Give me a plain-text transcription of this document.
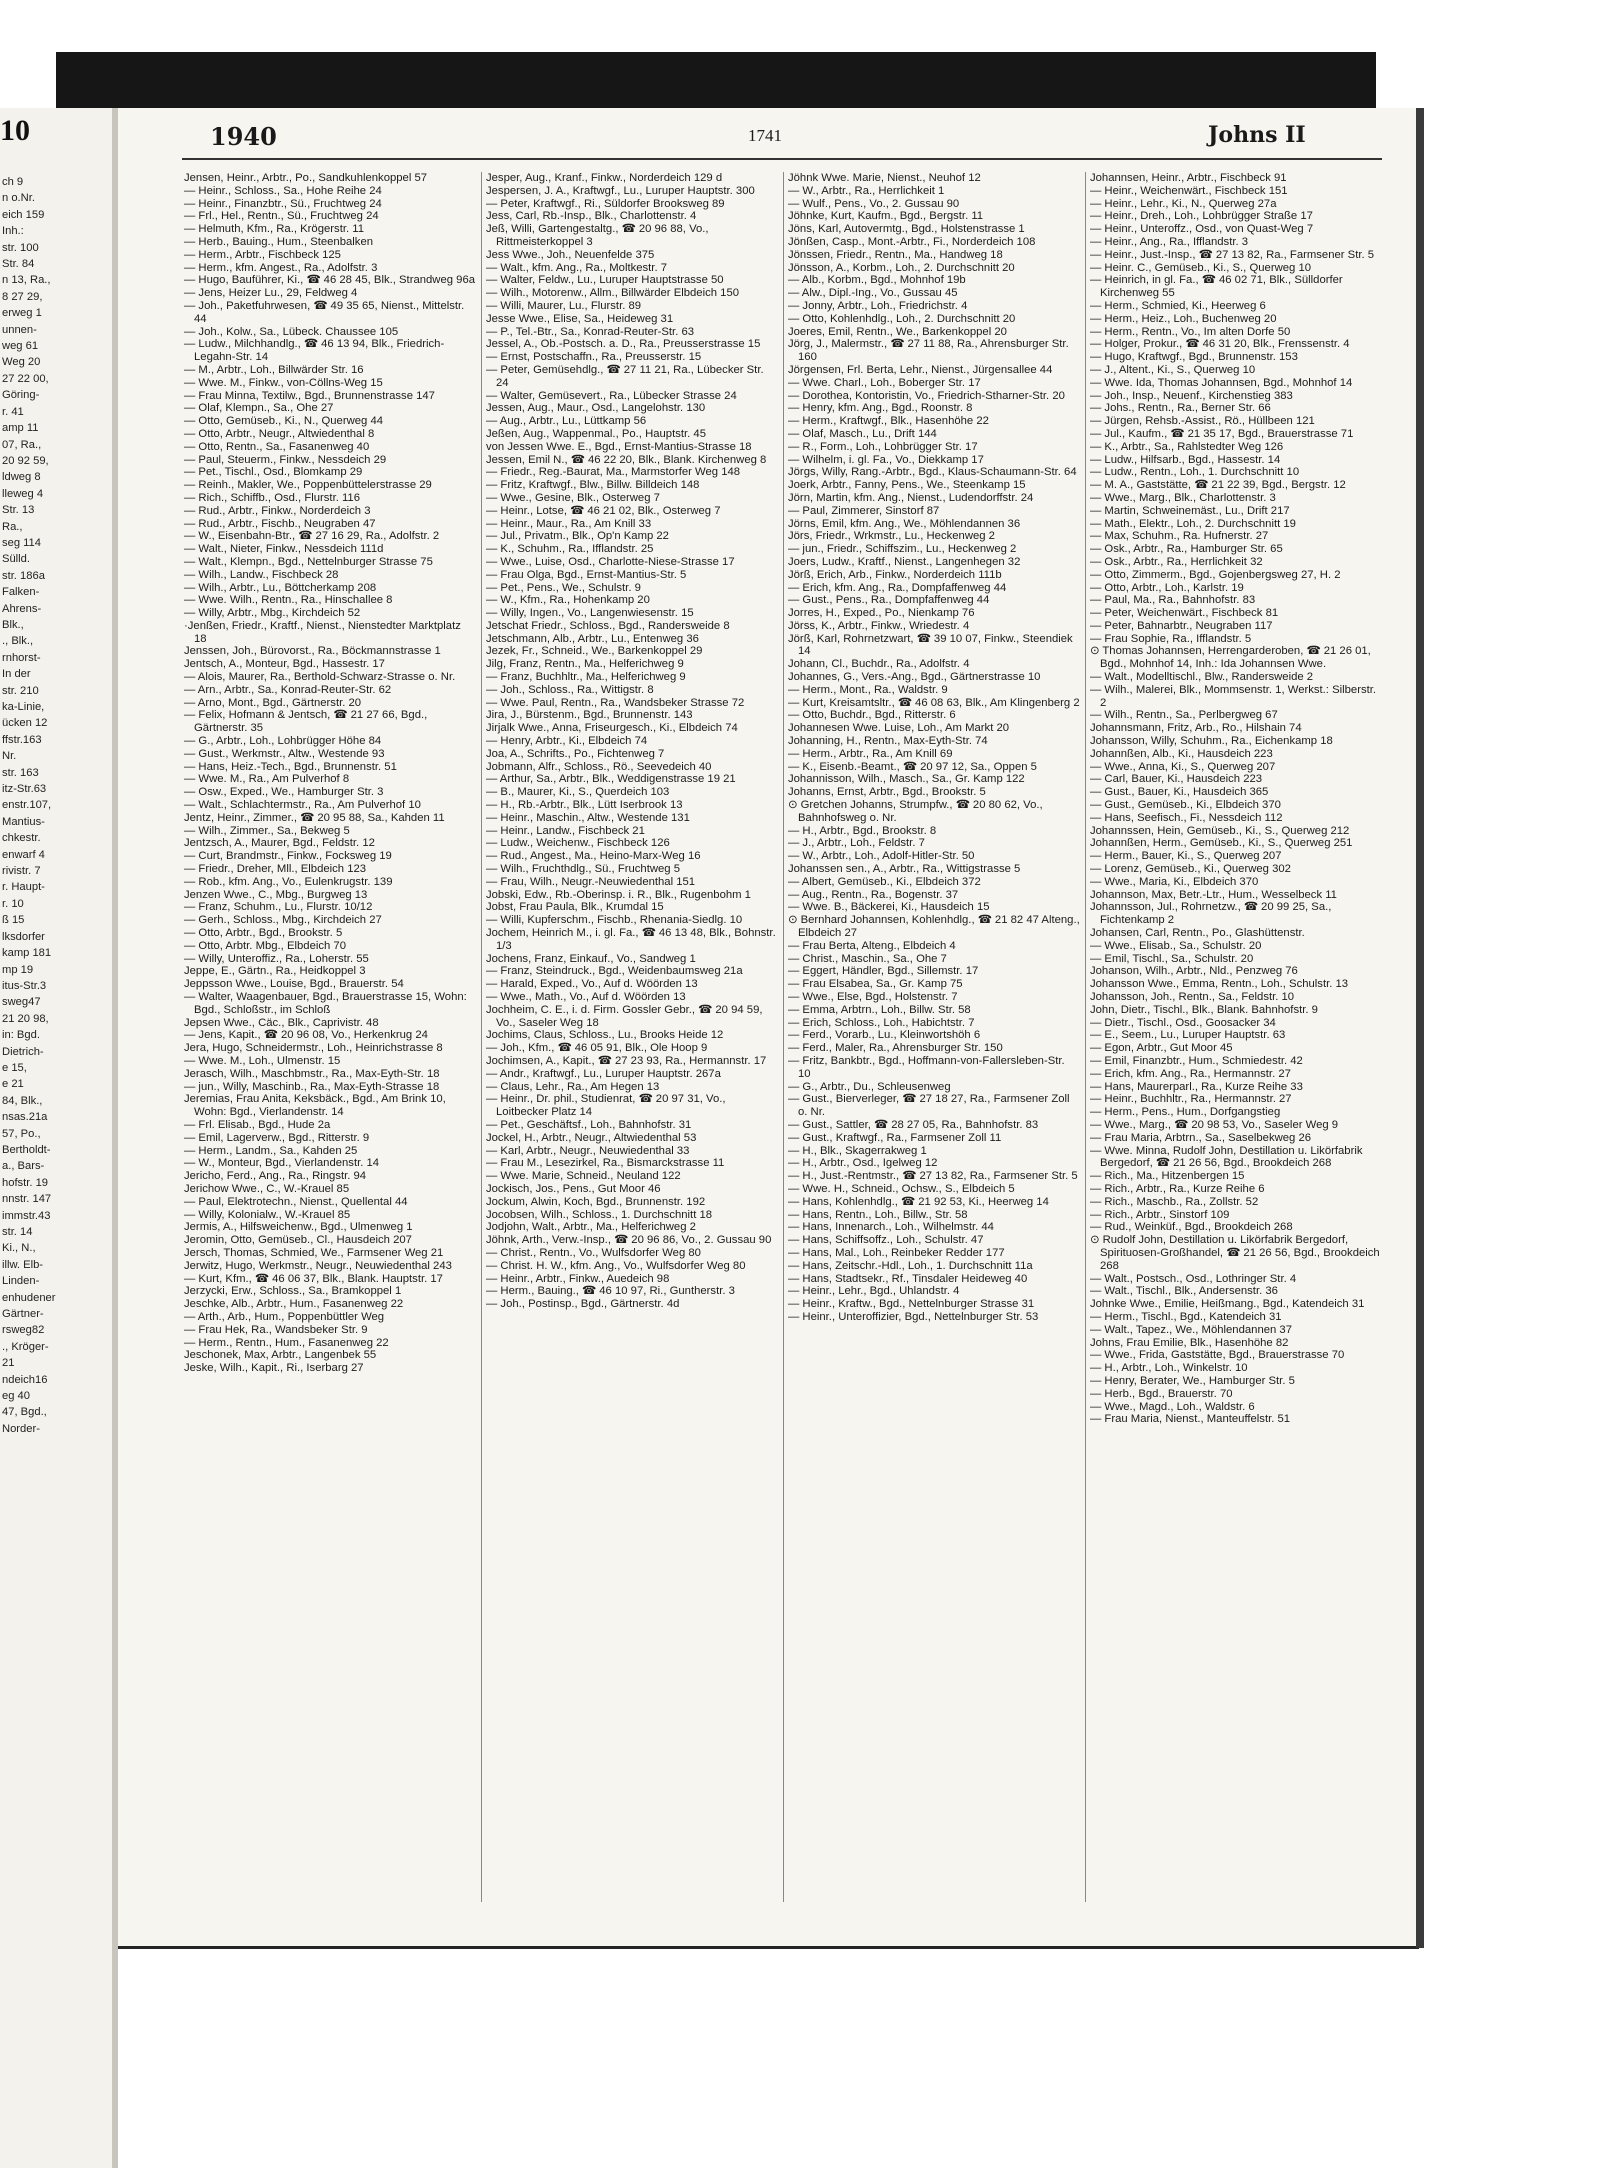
10
ch 9
n o.Nr.
eich 159
Inh.:
str. 100
Str. 84
n 13, Ra.,
8 27 29,
erweg 1
unnen-
weg 61
Weg 20
27 22 00,
Göring-
r. 41
amp 11
07, Ra.,
20 92 59,
ldweg 8
lleweg 4
Str. 13
Ra.,
seg 114
Sülld.
str. 186a
Falken-
Ahrens-
Blk.,
., Blk.,
rnhorst-
In der
str. 210
ka-Linie,
ücken 12
ffstr.163
Nr.
str. 163
itz-Str.63
enstr.107,
Mantius-
chkestr.
enwarf 4
rivistr. 7
r. Haupt-
r. 10
ß 15
lksdorfer
kamp 181
mp 19
itus-Str.3
sweg47
21 20 98,
in: Bgd.
Dietrich-
e 15,
e 21
84, Blk.,
nsas.21a
57, Po.,
Bertholdt-
a., Bars-
hofstr. 19
nnstr. 147
immstr.43
str. 14
Ki., N.,
illw. Elb-
Linden-
enhudener
Gärtner-
rsweg82
., Kröger-
21
ndeich16
eg 40
47, Bgd.,
Norder-
1940	1741	Johns II

Jensen, Heinr., Arbtr., Po., Sandkuhlenkoppel 57

— Heinr., Schloss., Sa., Hohe Reihe 24

— Heinr., Finanzbtr., Sü., Fruchtweg 24

— Frl., Hel., Rentn., Sü., Fruchtweg 24

— Helmuth, Kfm., Ra., Krögerstr. 11

— Herb., Bauing., Hum., Steenbalken

— Herm., Arbtr., Fischbeck 125

— Herm., kfm. Angest., Ra., Adolfstr. 3

— Hugo, Bauführer, Ki., ☎ 46 28 45, Blk., Strandweg 96a

— Jens, Heizer Lu., 29, Feldweg 4

— Joh., Paketfuhrwesen, ☎ 49 35 65, Nienst., Mittelstr. 44

— Joh., Kolw., Sa., Lübeck. Chaussee 105

— Ludw., Milchhandlg., ☎ 46 13 94, Blk., Friedrich-Legahn-Str. 14

— M., Arbtr., Loh., Billwärder Str. 16

— Wwe. M., Finkw., von-Cöllns-Weg 15

— Frau Minna, Textilw., Bgd., Brunnenstrasse 147

— Olaf, Klempn., Sa., Ohe 27

— Otto, Gemüseb., Ki., N., Querweg 44

— Otto, Arbtr., Neugr., Altwiedenthal 8

— Otto, Rentn., Sa., Fasanenweg 40

— Paul, Steuerm., Finkw., Nessdeich 29

— Pet., Tischl., Osd., Blomkamp 29

— Reinh., Makler, We., Poppenbüttelerstrasse 29

— Rich., Schiffb., Osd., Flurstr. 116

— Rud., Arbtr., Finkw., Norderdeich 3

— Rud., Arbtr., Fischb., Neugraben 47

— W., Eisenbahn-Btr., ☎ 27 16 29, Ra., Adolfstr. 2

— Walt., Nieter, Finkw., Nessdeich 111d

— Walt., Klempn., Bgd., Nettelnburger Strasse 75

— Wilh., Landw., Fischbeck 28

— Wilh., Arbtr., Lu., Böttcherkamp 208

— Wwe. Wilh., Rentn., Ra., Hinschallee 8

— Willy, Arbtr., Mbg., Kirchdeich 52

·Jenßen, Friedr., Kraftf., Nienst., Nienstedter Marktplatz 18

Jenssen, Joh., Bürovorst., Ra., Böckmannstrasse 1

Jentsch, A., Monteur, Bgd., Hassestr. 17

— Alois, Maurer, Ra., Berthold-Schwarz-Strasse o. Nr.

— Arn., Arbtr., Sa., Konrad-Reuter-Str. 62

— Arno, Mont., Bgd., Gärtnerstr. 20

— Felix, Hofmann & Jentsch, ☎ 21 27 66, Bgd., Gärtnerstr. 35

— G., Arbtr., Loh., Lohbrügger Höhe 84

— Gust., Werkmstr., Altw., Westende 93

— Hans, Heiz.-Tech., Bgd., Brunnenstr. 51

— Wwe. M., Ra., Am Pulverhof 8

— Osw., Exped., We., Hamburger Str. 3

— Walt., Schlachtermstr., Ra., Am Pulverhof 10

Jentz, Heinr., Zimmer., ☎ 20 95 88, Sa., Kahden 11

— Wilh., Zimmer., Sa., Bekweg 5

Jentzsch, A., Maurer, Bgd., Feldstr. 12

— Curt, Brandmstr., Finkw., Focksweg 19

— Friedr., Dreher, Mll., Elbdeich 123

— Rob., kfm. Ang., Vo., Eulenkrugstr. 139

Jenzen Wwe., C., Mbg., Burgweg 13

— Franz, Schuhm., Lu., Flurstr. 10/12

— Gerh., Schloss., Mbg., Kirchdeich 27

— Otto, Arbtr., Bgd., Brookstr. 5

— Otto, Arbtr. Mbg., Elbdeich 70

— Willy, Unteroffiz., Ra., Loherstr. 55

Jeppe, E., Gärtn., Ra., Heidkoppel 3

Jeppsson Wwe., Louise, Bgd., Brauerstr. 54

— Walter, Waagenbauer, Bgd., Brauerstrasse 15, Wohn: Bgd., Schloßstr., im Schloß

Jepsen Wwe., Cäc., Blk., Caprivistr. 48

— Jens, Kapit., ☎ 20 96 08, Vo., Herkenkrug 24

Jera, Hugo, Schneidermstr., Loh., Heinrichstrasse 8

— Wwe. M., Loh., Ulmenstr. 15

Jerasch, Wilh., Maschbmstr., Ra., Max-Eyth-Str. 18

— jun., Willy, Maschinb., Ra., Max-Eyth-Strasse 18

Jeremias, Frau Anita, Keksbäck., Bgd., Am Brink 10, Wohn: Bgd., Vierlandenstr. 14

— Frl. Elisab., Bgd., Hude 2a

— Emil, Lagerverw., Bgd., Ritterstr. 9

— Herm., Landm., Sa., Kahden 25

— W., Monteur, Bgd., Vierlandenstr. 14

Jericho, Ferd., Ang., Ra., Ringstr. 94

Jerichow Wwe., C., W.-Krauel 85

— Paul, Elektrotechn., Nienst., Quellental 44

— Willy, Kolonialw., W.-Krauel 85

Jermis, A., Hilfsweichenw., Bgd., Ulmenweg 1

Jeromin, Otto, Gemüseb., Cl., Hausdeich 207

Jersch, Thomas, Schmied, We., Farmsener Weg 21

Jerwitz, Hugo, Werkmstr., Neugr., Neuwiedenthal 243

— Kurt, Kfm., ☎ 46 06 37, Blk., Blank. Hauptstr. 17

Jerzycki, Erw., Schloss., Sa., Bramkoppel 1

Jeschke, Alb., Arbtr., Hum., Fasanenweg 22

— Arth., Arb., Hum., Poppenbüttler Weg

— Frau Hek, Ra., Wandsbeker Str. 9

— Herm., Rentn., Hum., Fasanenweg 22

Jeschonek, Max, Arbtr., Langenbek 55

Jeske, Wilh., Kapit., Ri., Iserbarg 27

Jesper, Aug., Kranf., Finkw., Norderdeich 129 d

Jespersen, J. A., Kraftwgf., Lu., Luruper Hauptstr. 300

— Peter, Kraftwgf., Ri., Süldorfer Brooksweg 89

Jess, Carl, Rb.-Insp., Blk., Charlottenstr. 4

Jeß, Willi, Gartengestaltg., ☎ 20 96 88, Vo., Rittmeisterkoppel 3

Jess Wwe., Joh., Neuenfelde 375

— Walt., kfm. Ang., Ra., Moltkestr. 7

— Walter, Feldw., Lu., Luruper Hauptstrasse 50

— Wilh., Motorenw., Allm., Billwärder Elbdeich 150

— Willi, Maurer, Lu., Flurstr. 89

Jesse Wwe., Elise, Sa., Heideweg 31

— P., Tel.-Btr., Sa., Konrad-Reuter-Str. 63

Jessel, A., Ob.-Postsch. a. D., Ra., Preusserstrasse 15

— Ernst, Postschaffn., Ra., Preusserstr. 15

— Peter, Gemüsehdlg., ☎ 27 11 21, Ra., Lübecker Str. 24

— Walter, Gemüsevert., Ra., Lübecker Strasse 24

Jessen, Aug., Maur., Osd., Langelohstr. 130

— Aug., Arbtr., Lu., Lüttkamp 56

Jeßen, Aug., Wappenmal., Po., Hauptstr. 45

von Jessen Wwe. E., Bgd., Ernst-Mantius-Strasse 18

Jessen, Emil N., ☎ 46 22 20, Blk., Blank. Kirchenweg 8

— Friedr., Reg.-Baurat, Ma., Marmstorfer Weg 148

— Fritz, Kraftwgf., Blw., Billw. Billdeich 148

— Wwe., Gesine, Blk., Osterweg 7

— Heinr., Lotse, ☎ 46 21 02, Blk., Osterweg 7

— Heinr., Maur., Ra., Am Knill 33

— Jul., Privatm., Blk., Op'n Kamp 22

— K., Schuhm., Ra., Ifflandstr. 25

— Wwe., Luise, Osd., Charlotte-Niese-Strasse 17

— Frau Olga, Bgd., Ernst-Mantius-Str. 5

— Pet., Pens., We., Schulstr. 9

— W., Kfm., Ra., Hohenkamp 20

— Willy, Ingen., Vo., Langenwiesenstr. 15

Jetschat Friedr., Schloss., Bgd., Randersweide 8

Jetschmann, Alb., Arbtr., Lu., Entenweg 36

Jezek, Fr., Schneid., We., Barkenkoppel 29

Jilg, Franz, Rentn., Ma., Helferichweg 9

— Franz, Buchhltr., Ma., Helferichweg 9

— Joh., Schloss., Ra., Wittigstr. 8

— Wwe. Paul, Rentn., Ra., Wandsbeker Strasse 72

Jira, J., Bürstenm., Bgd., Brunnenstr. 143

Jirjalk Wwe., Anna, Friseurgesch., Ki., Elbdeich 74

— Henry, Arbtr., Ki., Elbdeich 74

Joa, A., Schrifts., Po., Fichtenweg 7

Jobmann, Alfr., Schloss., Rö., Seevedeich 40

— Arthur, Sa., Arbtr., Blk., Weddigenstrasse 19 21

— B., Maurer, Ki., S., Querdeich 103

— H., Rb.-Arbtr., Blk., Lütt Iserbrook 13

— Heinr., Maschin., Altw., Westende 131

— Heinr., Landw., Fischbeck 21

— Ludw., Weichenw., Fischbeck 126

— Rud., Angest., Ma., Heino-Marx-Weg 16

— Wilh., Fruchthdlg., Sü., Fruchtweg 5

— Frau, Wilh., Neugr.-Neuwiedenthal 151

Jobski, Edw., Rb.-Oberinsp. i. R., Blk., Rugenbohm 1

Jobst, Frau Paula, Blk., Krumdal 15

— Willi, Kupferschm., Fischb., Rhenania-Siedlg. 10

Jochem, Heinrich M., i. gl. Fa., ☎ 46 13 48, Blk., Bohnstr. 1/3

Jochens, Franz, Einkauf., Vo., Sandweg 1

— Franz, Steindruck., Bgd., Weidenbaumsweg 21a

— Harald, Exped., Vo., Auf d. Wöörden 13

— Wwe., Math., Vo., Auf d. Wöörden 13

Jochheim, C. E., i. d. Firm. Gossler Gebr., ☎ 20 94 59, Vo., Saseler Weg 18

Jochims, Claus, Schloss., Lu., Brooks Heide 12

— Joh., Kfm., ☎ 46 05 91, Blk., Ole Hoop 9

Jochimsen, A., Kapit., ☎ 27 23 93, Ra., Hermannstr. 17

— Andr., Kraftwgf., Lu., Luruper Hauptstr. 267a

— Claus, Lehr., Ra., Am Hegen 13

— Heinr., Dr. phil., Studienrat, ☎ 20 97 31, Vo., Loitbecker Platz 14

— Pet., Geschäftsf., Loh., Bahnhofstr. 31

Jockel, H., Arbtr., Neugr., Altwiedenthal 53

— Karl, Arbtr., Neugr., Neuwiedenthal 33

— Frau M., Lesezirkel, Ra., Bismarckstrasse 11

— Wwe. Marie, Schneid., Neuland 122

Jockisch, Jos., Pens., Gut Moor 46

Jockum, Alwin, Koch, Bgd., Brunnenstr. 192

Jocobsen, Wilh., Schloss., 1. Durchschnitt 18

Jodjohn, Walt., Arbtr., Ma., Helferichweg 2

Jöhnk, Arth., Verw.-Insp., ☎ 20 96 86, Vo., 2. Gussau 90

— Christ., Rentn., Vo., Wulfsdorfer Weg 80

— Christ. H. W., kfm. Ang., Vo., Wulfsdorfer Weg 80

— Heinr., Arbtr., Finkw., Auedeich 98

— Herm., Bauing., ☎ 46 10 97, Ri., Guntherstr. 3

— Joh., Postinsp., Bgd., Gärtnerstr. 4d

Jöhnk Wwe. Marie, Nienst., Neuhof 12

— W., Arbtr., Ra., Herrlichkeit 1

— Wulf., Pens., Vo., 2. Gussau 90

Jöhnke, Kurt, Kaufm., Bgd., Bergstr. 11

Jöns, Karl, Autovermtg., Bgd., Holstenstrasse 1

Jönßen, Casp., Mont.-Arbtr., Fi., Norderdeich 108

Jönssen, Friedr., Rentn., Ma., Handweg 18

Jönsson, A., Korbm., Loh., 2. Durchschnitt 20

— Alb., Korbm., Bgd., Mohnhof 19b

— Alw., Dipl.-Ing., Vo., Gussau 45

— Jonny, Arbtr., Loh., Friedrichstr. 4

— Otto, Kohlenhdlg., Loh., 2. Durchschnitt 20

Joeres, Emil, Rentn., We., Barkenkoppel 20

Jörg, J., Malermstr., ☎ 27 11 88, Ra., Ahrensburger Str. 160

Jörgensen, Frl. Berta, Lehr., Nienst., Jürgensallee 44

— Wwe. Charl., Loh., Boberger Str. 17

— Dorothea, Kontoristin, Vo., Friedrich-Stharner-Str. 20

— Henry, kfm. Ang., Bgd., Roonstr. 8

— Herm., Kraftwgf., Blk., Hasenhöhe 22

— Olaf, Masch., Lu., Drift 144

— R., Form., Loh., Lohbrügger Str. 17

— Wilhelm, i. gl. Fa., Vo., Diekkamp 17

Jörgs, Willy, Rang.-Arbtr., Bgd., Klaus-Schaumann-Str. 64

Joerk, Arbtr., Fanny, Pens., We., Steenkamp 15

Jörn, Martin, kfm. Ang., Nienst., Ludendorffstr. 24

— Paul, Zimmerer, Sinstorf 87

Jörns, Emil, kfm. Ang., We., Möhlendannen 36

Jörs, Friedr., Wrkmstr., Lu., Heckenweg 2

— jun., Friedr., Schiffszim., Lu., Heckenweg 2

Joers, Ludw., Kraftf., Nienst., Langenhegen 32

Jörß, Erich, Arb., Finkw., Norderdeich 111b

— Erich, kfm. Ang., Ra., Dompfaffenweg 44

— Gust., Pens., Ra., Dompfaffenweg 44

Jorres, H., Exped., Po., Nienkamp 76

Jörss, K., Arbtr., Finkw., Wriedestr. 4

Jörß, Karl, Rohrnetzwart, ☎ 39 10 07, Finkw., Steendiek 14

Johann, Cl., Buchdr., Ra., Adolfstr. 4

Johannes, G., Vers.-Ang., Bgd., Gärtnerstrasse 10

— Herm., Mont., Ra., Waldstr. 9

— Kurt, Kreisamtsltr., ☎ 46 08 63, Blk., Am Klingenberg 2

— Otto, Buchdr., Bgd., Ritterstr. 6

Johannesen Wwe. Luise, Loh., Am Markt 20

Johanning, H., Rentn., Max-Eyth-Str. 74

— Herm., Arbtr., Ra., Am Knill 69

— K., Eisenb.-Beamt., ☎ 20 97 12, Sa., Oppen 5

Johannisson, Wilh., Masch., Sa., Gr. Kamp 122

Johanns, Ernst, Arbtr., Bgd., Brookstr. 5

⊙ Gretchen Johanns, Strumpfw., ☎ 20 80 62, Vo., Bahnhofsweg o. Nr.

— H., Arbtr., Bgd., Brookstr. 8

— J., Arbtr., Loh., Feldstr. 7

— W., Arbtr., Loh., Adolf-Hitler-Str. 50

Johanssen sen., A., Arbtr., Ra., Wittigstrasse 5

— Albert, Gemüseb., Ki., Elbdeich 372

— Aug., Rentn., Ra., Bogenstr. 37

— Wwe. B., Bäckerei, Ki., Hausdeich 15

⊙ Bernhard Johannsen, Kohlenhdlg., ☎ 21 82 47 Alteng., Elbdeich 27

— Frau Berta, Alteng., Elbdeich 4

— Christ., Maschin., Sa., Ohe 7

— Eggert, Händler, Bgd., Sillemstr. 17

— Frau Elsabea, Sa., Gr. Kamp 75

— Wwe., Else, Bgd., Holstenstr. 7

— Emma, Arbtrn., Loh., Billw. Str. 58

— Erich, Schloss., Loh., Habichtstr. 7

— Ferd., Vorarb., Lu., Kleinwortshöh 6

— Ferd., Maler, Ra., Ahrensburger Str. 150

— Fritz, Bankbtr., Bgd., Hoffmann-von-Fallersleben-Str. 10

— G., Arbtr., Du., Schleusenweg

— Gust., Bierverleger, ☎ 27 18 27, Ra., Farmsener Zoll o. Nr.

— Gust., Sattler, ☎ 28 27 05, Ra., Bahnhofstr. 83

— Gust., Kraftwgf., Ra., Farmsener Zoll 11

— H., Blk., Skagerrakweg 1

— H., Arbtr., Osd., Igelweg 12

— H., Just.-Rentmstr., ☎ 27 13 82, Ra., Farmsener Str. 5

— Wwe. H., Schneid., Ochsw., S., Elbdeich 5

— Hans, Kohlenhdlg., ☎ 21 92 53, Ki., Heerweg 14

— Hans, Rentn., Loh., Billw., Str. 58

— Hans, Innenarch., Loh., Wilhelmstr. 44

— Hans, Schiffsoffz., Loh., Schulstr. 47

— Hans, Mal., Loh., Reinbeker Redder 177

— Hans, Zeitschr.-Hdl., Loh., 1. Durchschnitt 11a

— Hans, Stadtsekr., Rf., Tinsdaler Heideweg 40

— Heinr., Lehr., Bgd., Uhlandstr. 4

— Heinr., Kraftw., Bgd., Nettelnburger Strasse 31

— Heinr., Unteroffizier, Bgd., Nettelnburger Str. 53

Johannsen, Heinr., Arbtr., Fischbeck 91

— Heinr., Weichenwärt., Fischbeck 151

— Heinr., Lehr., Ki., N., Querweg 27a

— Heinr., Dreh., Loh., Lohbrügger Straße 17

— Heinr., Unteroffz., Osd., von Quast-Weg 7

— Heinr., Ang., Ra., Ifflandstr. 3

— Heinr., Just.-Insp., ☎ 27 13 82, Ra., Farmsener Str. 5

— Heinr. C., Gemüseb., Ki., S., Querweg 10

— Heinrich, in gl. Fa., ☎ 46 02 71, Blk., Sülldorfer Kirchenweg 55

— Herm., Schmied, Ki., Heerweg 6

— Herm., Heiz., Loh., Buchenweg 20

— Herm., Rentn., Vo., Im alten Dorfe 50

— Holger, Prokur., ☎ 46 31 20, Blk., Frenssenstr. 4

— Hugo, Kraftwgf., Bgd., Brunnenstr. 153

— J., Altent., Ki., S., Querweg 10

— Wwe. Ida, Thomas Johannsen, Bgd., Mohnhof 14

— Joh., Insp., Neuenf., Kirchenstieg 383

— Johs., Rentn., Ra., Berner Str. 66

— Jürgen, Rehsb.-Assist., Rö., Hüllbeen 121

— Jul., Kaufm., ☎ 21 35 17, Bgd., Brauerstrasse 71

— K., Arbtr., Sa., Rahlstedter Weg 126

— Ludw., Hilfsarb., Bgd., Hassestr. 14

— Ludw., Rentn., Loh., 1. Durchschnitt 10

— M. A., Gaststätte, ☎ 21 22 39, Bgd., Bergstr. 12

— Wwe., Marg., Blk., Charlottenstr. 3

— Martin, Schweinemäst., Lu., Drift 217

— Math., Elektr., Loh., 2. Durchschnitt 19

— Max, Schuhm., Ra. Hufnerstr. 27

— Osk., Arbtr., Ra., Hamburger Str. 65

— Osk., Arbtr., Ra., Herrlichkeit 32

— Otto, Zimmerm., Bgd., Gojenbergsweg 27, H. 2

— Otto, Arbtr., Loh., Karlstr. 19

— Paul, Ma., Ra., Bahnhofstr. 83

— Peter, Weichenwärt., Fischbeck 81

— Peter, Bahnarbtr., Neugraben 117

— Frau Sophie, Ra., Ifflandstr. 5

⊙ Thomas Johannsen, Herrengarderoben, ☎ 21 26 01, Bgd., Mohnhof 14, Inh.: Ida Johannsen Wwe.

— Walt., Modelltischl., Blw., Randersweide 2

— Wilh., Malerei, Blk., Mommsenstr. 1, Werkst.: Silberstr. 2

— Wilh., Rentn., Sa., Perlbergweg 67

Johannsmann, Fritz, Arb., Ro., Hilshain 74

Johansson, Willy, Schuhm., Ra., Eichenkamp 18

Johannßen, Alb., Ki., Hausdeich 223

— Wwe., Anna, Ki., S., Querweg 207

— Carl, Bauer, Ki., Hausdeich 223

— Gust., Bauer, Ki., Hausdeich 365

— Gust., Gemüseb., Ki., Elbdeich 370

— Hans, Seefisch., Fi., Nessdeich 112

Johannssen, Hein, Gemüseb., Ki., S., Querweg 212

Johannßen, Herm., Gemüseb., Ki., S., Querweg 251

— Herm., Bauer, Ki., S., Querweg 207

— Lorenz, Gemüseb., Ki., Querweg 302

— Wwe., Maria, Ki., Elbdeich 370

Johannson, Max, Betr.-Ltr., Hum., Wesselbeck 11

Johannsson, Jul., Rohrnetzw., ☎ 20 99 25, Sa., Fichtenkamp 2

Johansen, Carl, Rentn., Po., Glashüttenstr.

— Wwe., Elisab., Sa., Schulstr. 20

— Emil, Tischl., Sa., Schulstr. 20

Johanson, Wilh., Arbtr., Nld., Penzweg 76

Johansson Wwe., Emma, Rentn., Loh., Schulstr. 13

Johansson, Joh., Rentn., Sa., Feldstr. 10

John, Dietr., Tischl., Blk., Blank. Bahnhofstr. 9

— Dietr., Tischl., Osd., Goosacker 34

— E., Seem., Lu., Luruper Hauptstr. 63

— Egon, Arbtr., Gut Moor 45

— Emil, Finanzbtr., Hum., Schmiedestr. 42

— Erich, kfm. Ang., Ra., Hermannstr. 27

— Hans, Maurerparl., Ra., Kurze Reihe 33

— Heinr., Buchhltr., Ra., Hermannstr. 27

— Herm., Pens., Hum., Dorfgangstieg

— Wwe., Marg., ☎ 20 98 53, Vo., Saseler Weg 9

— Frau Maria, Arbtrn., Sa., Saselbekweg 26

— Wwe. Minna, Rudolf John, Destillation u. Likörfabrik Bergedorf, ☎ 21 26 56, Bgd., Brookdeich 268

— Rich., Ma., Hitzenbergen 15

— Rich., Arbtr., Ra., Kurze Reihe 6

— Rich., Maschb., Ra., Zollstr. 52

— Rich., Arbtr., Sinstorf 109

— Rud., Weinküf., Bgd., Brookdeich 268

⊙ Rudolf John, Destillation u. Likörfabrik Bergedorf, Spirituosen-Großhandel, ☎ 21 26 56, Bgd., Brookdeich 268

— Walt., Postsch., Osd., Lothringer Str. 4

— Walt., Tischl., Blk., Andersenstr. 36

Johnke Wwe., Emilie, Heißmang., Bgd., Katendeich 31

— Herm., Tischl., Bgd., Katendeich 31

— Walt., Tapez., We., Möhlendannen 37

Johns, Frau Emilie, Blk., Hasenhöhe 82

— Wwe., Frida, Gaststätte, Bgd., Brauerstrasse 70

— H., Arbtr., Loh., Winkelstr. 10

— Henry, Berater, We., Hamburger Str. 5

— Herb., Bgd., Brauerstr. 70

— Wwe., Magd., Loh., Waldstr. 6

— Frau Maria, Nienst., Manteuffelstr. 51
